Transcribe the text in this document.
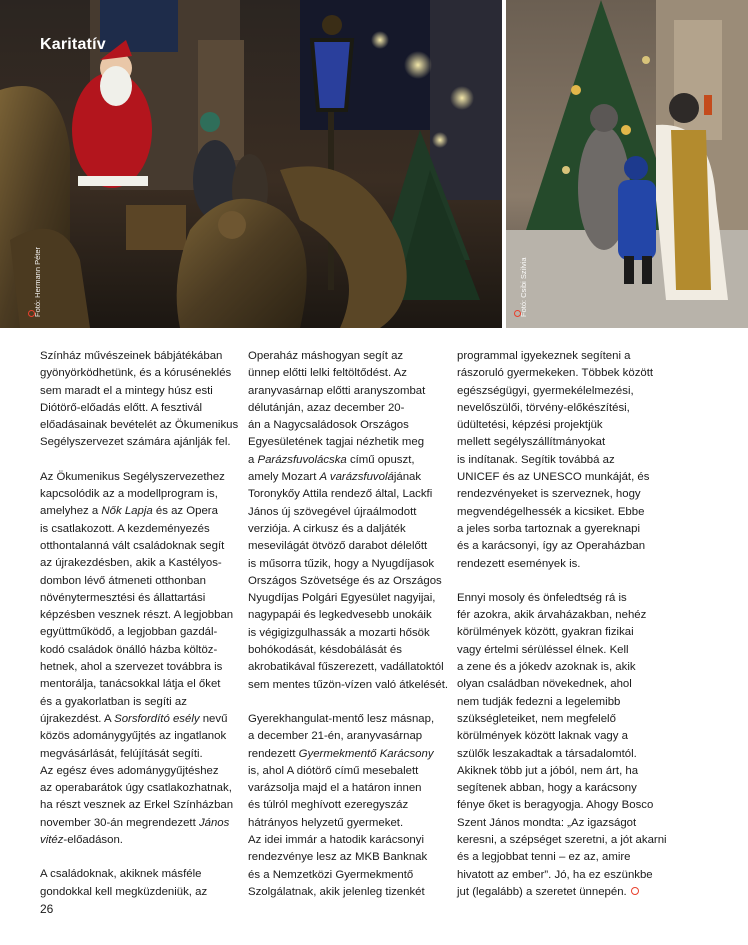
Karitatív
Fotó: Hermann Péter	Fotó: Csibi Szilvia

Színház művészeinek bábjátékában
gyönyörködhetünk, és a kóruséneklés
sem maradt el a mintegy húsz esti
Diótörő-előadás előtt. A fesztivál
előadásainak bevételét az Ökumenikus
Segélyszervezet számára ajánlják fel.

Az Ökumenikus Segélyszervezethez
kapcsolódik az a modellprogram is,
amelyhez a Nők Lapja és az Opera
is csatlakozott. A kezdeményezés
otthontalanná vált családoknak segít
az újrakezdésben, akik a Kastélyos-
dombon lévő átmeneti otthonban
növénytermesztési és állattartási
képzésben vesznek részt. A legjobban
együttműködő, a legjobban gazdál-
kodó családok önálló házba költöz-
hetnek, ahol a szervezet továbbra is
mentorálja, tanácsokkal látja el őket
és a gyakorlatban is segíti az
újrakezdést. A Sorsfordító esély nevű
közös adománygyűjtés az ingatlanok
megvásárlását, felújítását segíti.
Az egész éves adománygyűjtéshez
az operabarátok úgy csatlakozhatnak,
ha részt vesznek az Erkel Színházban
november 30-án megrendezett János
vitéz-előadáson.

A családoknak, akiknek másféle
gondokkal kell megküzdeniük, az

Operaház máshogyan segít az
ünnep előtti lelki feltöltődést. Az
aranyvasárnap előtti aranyszombat
délutánján, azaz december 20-
án a Nagycsaládosok Országos
Egyesületének tagjai nézhetik meg
a Parázsfuvolácska című opuszt,
amely Mozart A varázsfuvolájának
Toronykőy Attila rendező által, Lackfi
János új szövegével újraálmodott
verziója. A cirkusz és a daljáték
mesevilágát ötvöző darabot délelőtt
is műsorra tűzik, hogy a Nyugdíjasok
Országos Szövetsége és az Országos
Nyugdíjas Polgári Egyesület nagyijai,
nagypapái és legkedvesebb unokáik
is végigizgulhassák a mozarti hősök
bohókodását, késdobálását és
akrobatikával fűszerezett, vadállatoktól
sem mentes tűzön-vízen való átkelését.

Gyerekhangulat-mentő lesz másnap,
a december 21-én, aranyvasárnap
rendezett Gyermekmentő Karácsony
is, ahol A diótörő című mesebalett
varázsolja majd el a határon innen
és túlról meghívott ezeregyszáz
hátrányos helyzetű gyermeket.
Az idei immár a hatodik karácsonyi
rendezvénye lesz az MKB Banknak
és a Nemzetközi Gyermekmentő
Szolgálatnak, akik jelenleg tizenkét

programmal igyekeznek segíteni a
rászoruló gyermekeken. Többek között
egészségügyi, gyermekélelmezési,
nevelőszülői, törvény-előkészítési,
üdültetési, képzési projektjük
mellett segélyszállítmányokat
is indítanak. Segítik továbbá az
UNICEF és az UNESCO munkáját, és
rendezvényeket is szerveznek, hogy
megvendégelhessék a kicsiket. Ebbe
a jeles sorba tartoznak a gyereknapi
és a karácsonyi, így az Operaházban
rendezett események is.

Ennyi mosoly és önfeledtség rá is
fér azokra, akik árvaházakban, nehéz
körülmények között, gyakran fizikai
vagy értelmi sérüléssel élnek. Kell
a zene és a jókedv azoknak is, akik
olyan családban növekednek, ahol
nem tudják fedezni a legelemibb
szükségleteiket, nem megfelelő
körülmények között laknak vagy a
szülők leszakadtak a társadalomtól.
Akiknek több jut a jóból, nem árt, ha
segítenek abban, hogy a karácsony
fénye őket is beragyogja. Ahogy Bosco
Szent János mondta: „Az igazságot
keresni, a szépséget szeretni, a jót akarni
és a legjobbat tenni – ez az, amire
hivatott az ember”. Jó, ha ez eszünkbe
jut (legalább) a szeretet ünnepén.

26
